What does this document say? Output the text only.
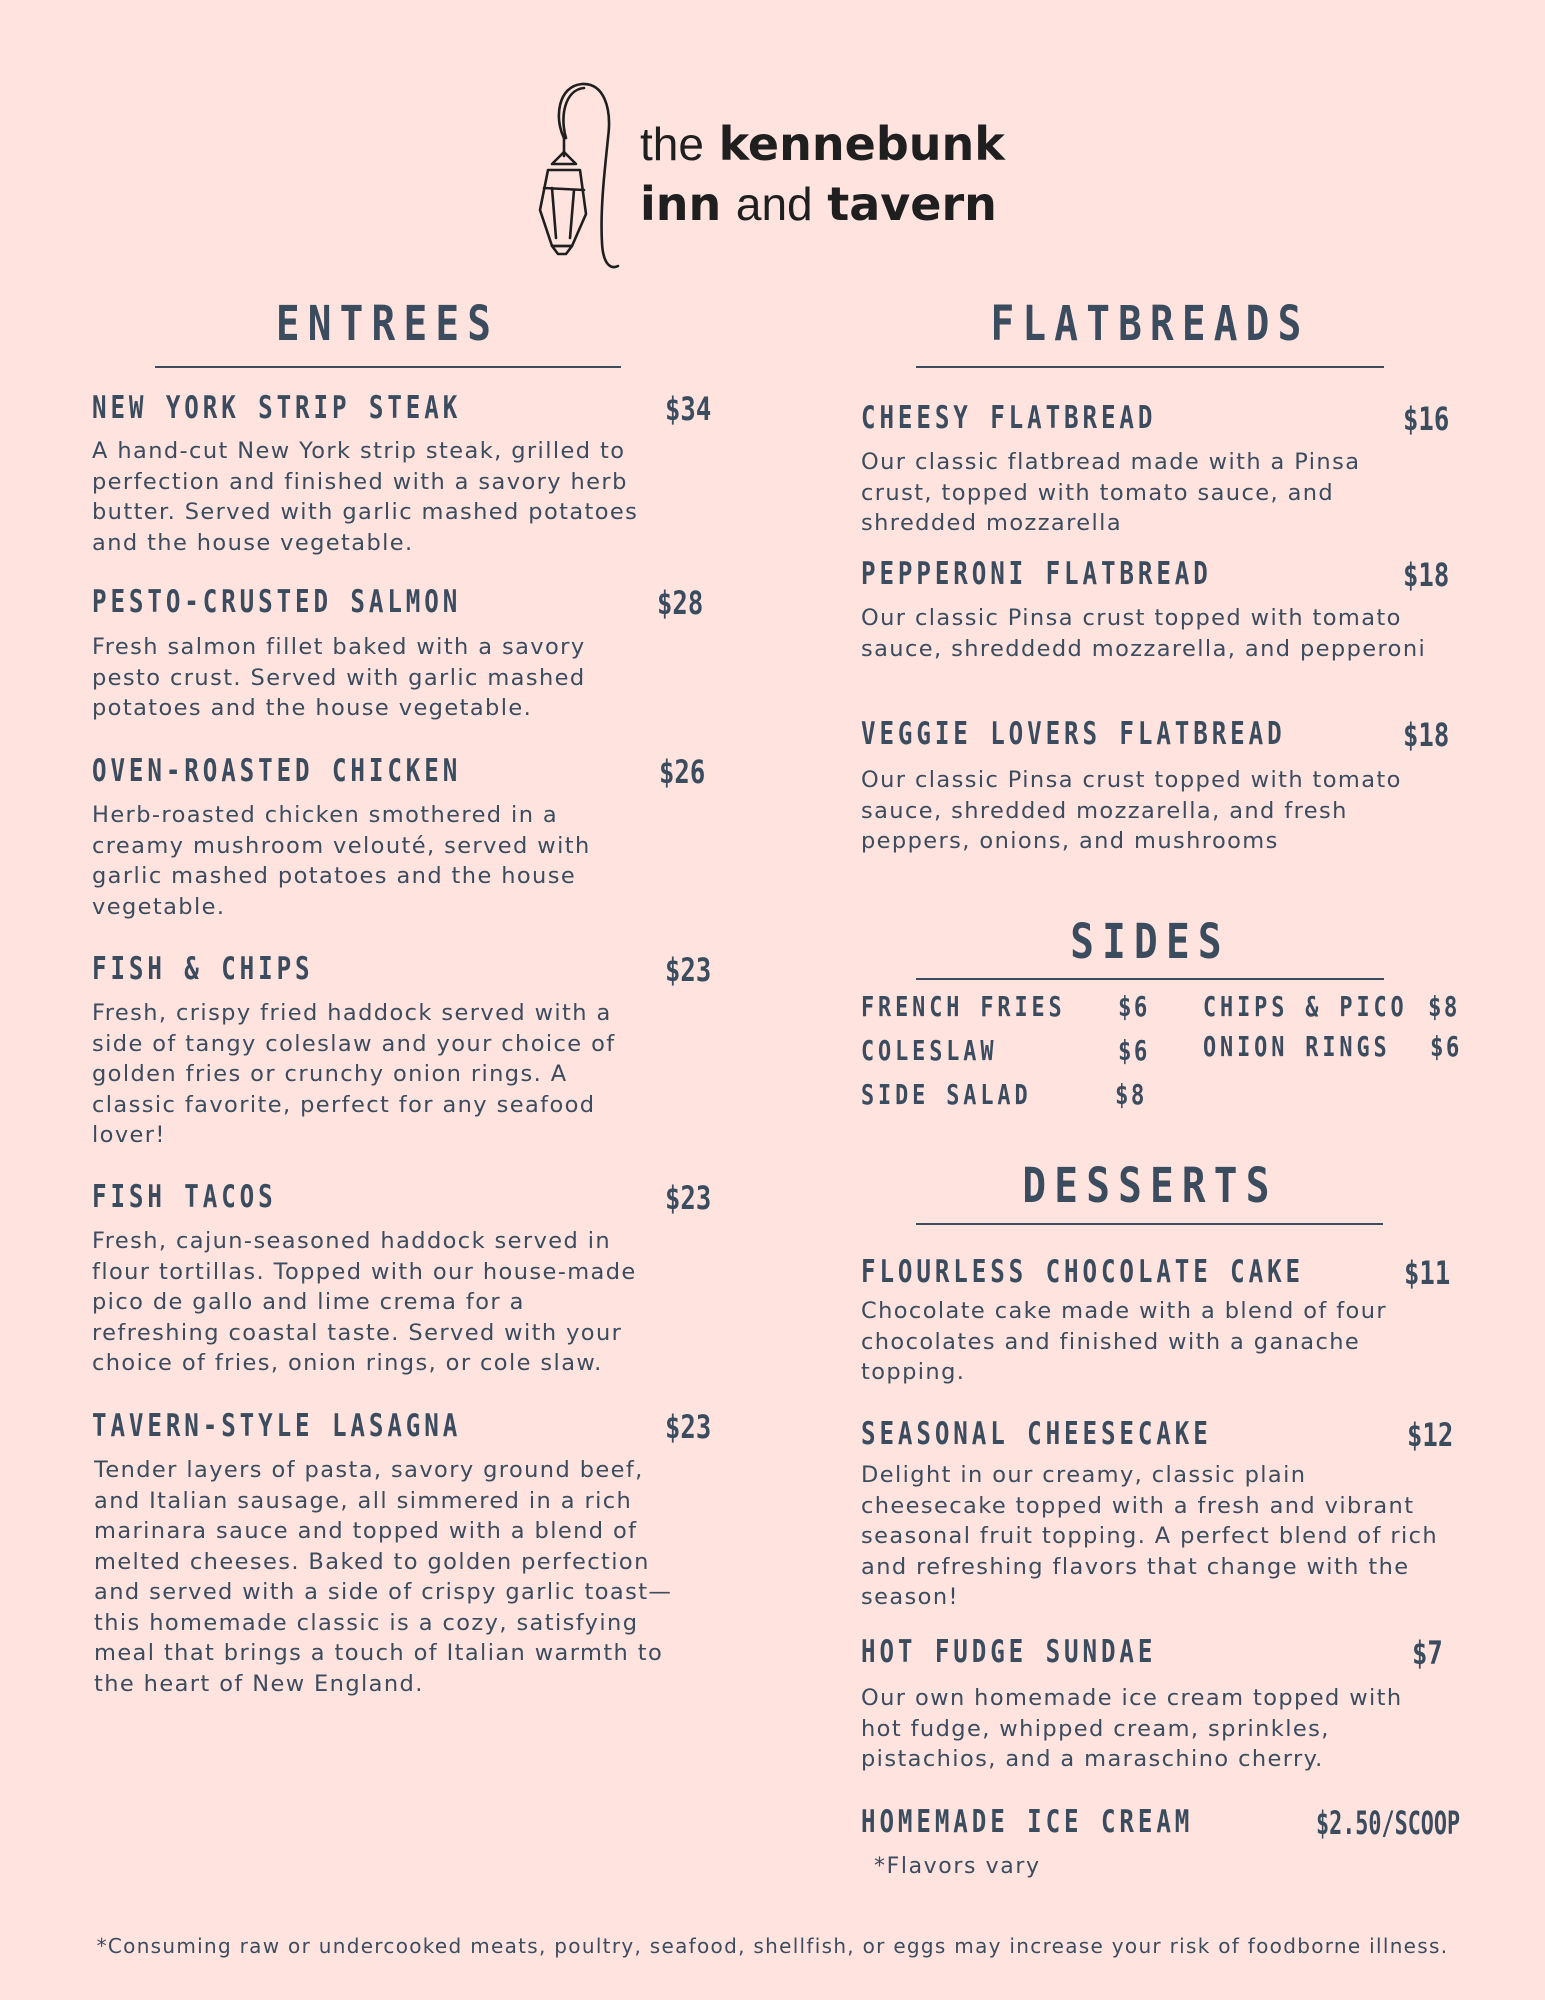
the kennebunk
inn and tavern
ENTREES
NEW YORK STRIP STEAK	$34
A hand-cut New York strip steak, grilled to perfection and finished with a savory herb butter. Served with garlic mashed potatoes and the house vegetable.
PESTO-CRUSTED SALMON	$28
Fresh salmon fillet baked with a savory pesto crust. Served with garlic mashed potatoes and the house vegetable.
OVEN-ROASTED CHICKEN	$26
Herb-roasted chicken smothered in a creamy mushroom velouté, served with garlic mashed potatoes and the house vegetable.
FISH & CHIPS	$23
Fresh, crispy fried haddock served with a side of tangy coleslaw and your choice of golden fries or crunchy onion rings. A classic favorite, perfect for any seafood lover!
FISH TACOS	$23
Fresh, cajun-seasoned haddock served in flour tortillas. Topped with our house-made pico de gallo and lime crema for a refreshing coastal taste. Served with your choice of fries, onion rings, or cole slaw.
TAVERN-STYLE LASAGNA	$23
Tender layers of pasta, savory ground beef, and Italian sausage, all simmered in a rich marinara sauce and topped with a blend of melted cheeses. Baked to golden perfection and served with a side of crispy garlic toast—this homemade classic is a cozy, satisfying meal that brings a touch of Italian warmth to the heart of New England.
FLATBREADS
CHEESY FLATBREAD	$16
Our classic flatbread made with a Pinsa crust, topped with tomato sauce, and shredded mozzarella
PEPPERONI FLATBREAD	$18
Our classic Pinsa crust topped with tomato sauce, shreddedd mozzarella, and pepperoni
VEGGIE LOVERS FLATBREAD	$18
Our classic Pinsa crust topped with tomato sauce, shredded mozzarella, and fresh peppers, onions, and mushrooms
SIDES
FRENCH FRIES $6
COLESLAW	$6
SIDE SALAD	$8
CHIPS & PICO $8
ONION RINGS $6
DESSERTS
FLOURLESS CHOCOLATE CAKE	$11
Chocolate cake made with a blend of four chocolates and finished with a ganache topping.
SEASONAL CHEESECAKE	$12
Delight in our creamy, classic plain cheesecake topped with a fresh and vibrant seasonal fruit topping. A perfect blend of rich and refreshing flavors that change with the season!
HOT FUDGE SUNDAE	$7
Our own homemade ice cream topped with hot fudge, whipped cream, sprinkles, pistachios, and a maraschino cherry.
HOMEMADE ICE CREAM	$2.50/SCOOP
*Flavors vary
*Consuming raw or undercooked meats, poultry, seafood, shellfish, or eggs may increase your risk of foodborne illness.
